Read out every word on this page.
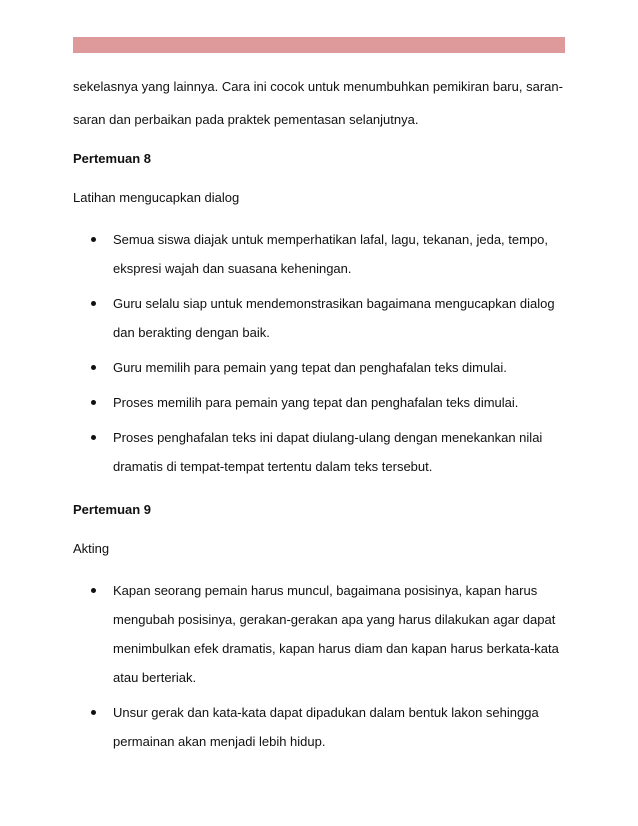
sekelasnya yang lainnya. Cara ini cocok untuk menumbuhkan pemikiran baru, saran-saran dan perbaikan pada praktek pementasan selanjutnya.

Pertemuan 8

Latihan mengucapkan dialog

Semua siswa diajak untuk memperhatikan lafal, lagu, tekanan, jeda, tempo, ekspresi wajah dan suasana keheningan.
Guru selalu siap untuk mendemonstrasikan bagaimana mengucapkan dialog dan berakting dengan baik.
Guru memilih para pemain yang tepat dan penghafalan teks dimulai.
Proses memilih para pemain yang tepat dan penghafalan teks dimulai.
Proses penghafalan teks ini dapat diulang-ulang dengan menekankan nilai dramatis di tempat-tempat tertentu dalam teks tersebut.

Pertemuan 9

Akting

Kapan seorang pemain harus muncul, bagaimana posisinya, kapan harus mengubah posisinya, gerakan-gerakan apa yang harus dilakukan agar dapat menimbulkan efek dramatis, kapan harus diam dan kapan harus berkata-kata atau berteriak.
Unsur gerak dan kata-kata dapat dipadukan dalam bentuk lakon sehingga permainan akan menjadi lebih hidup.
